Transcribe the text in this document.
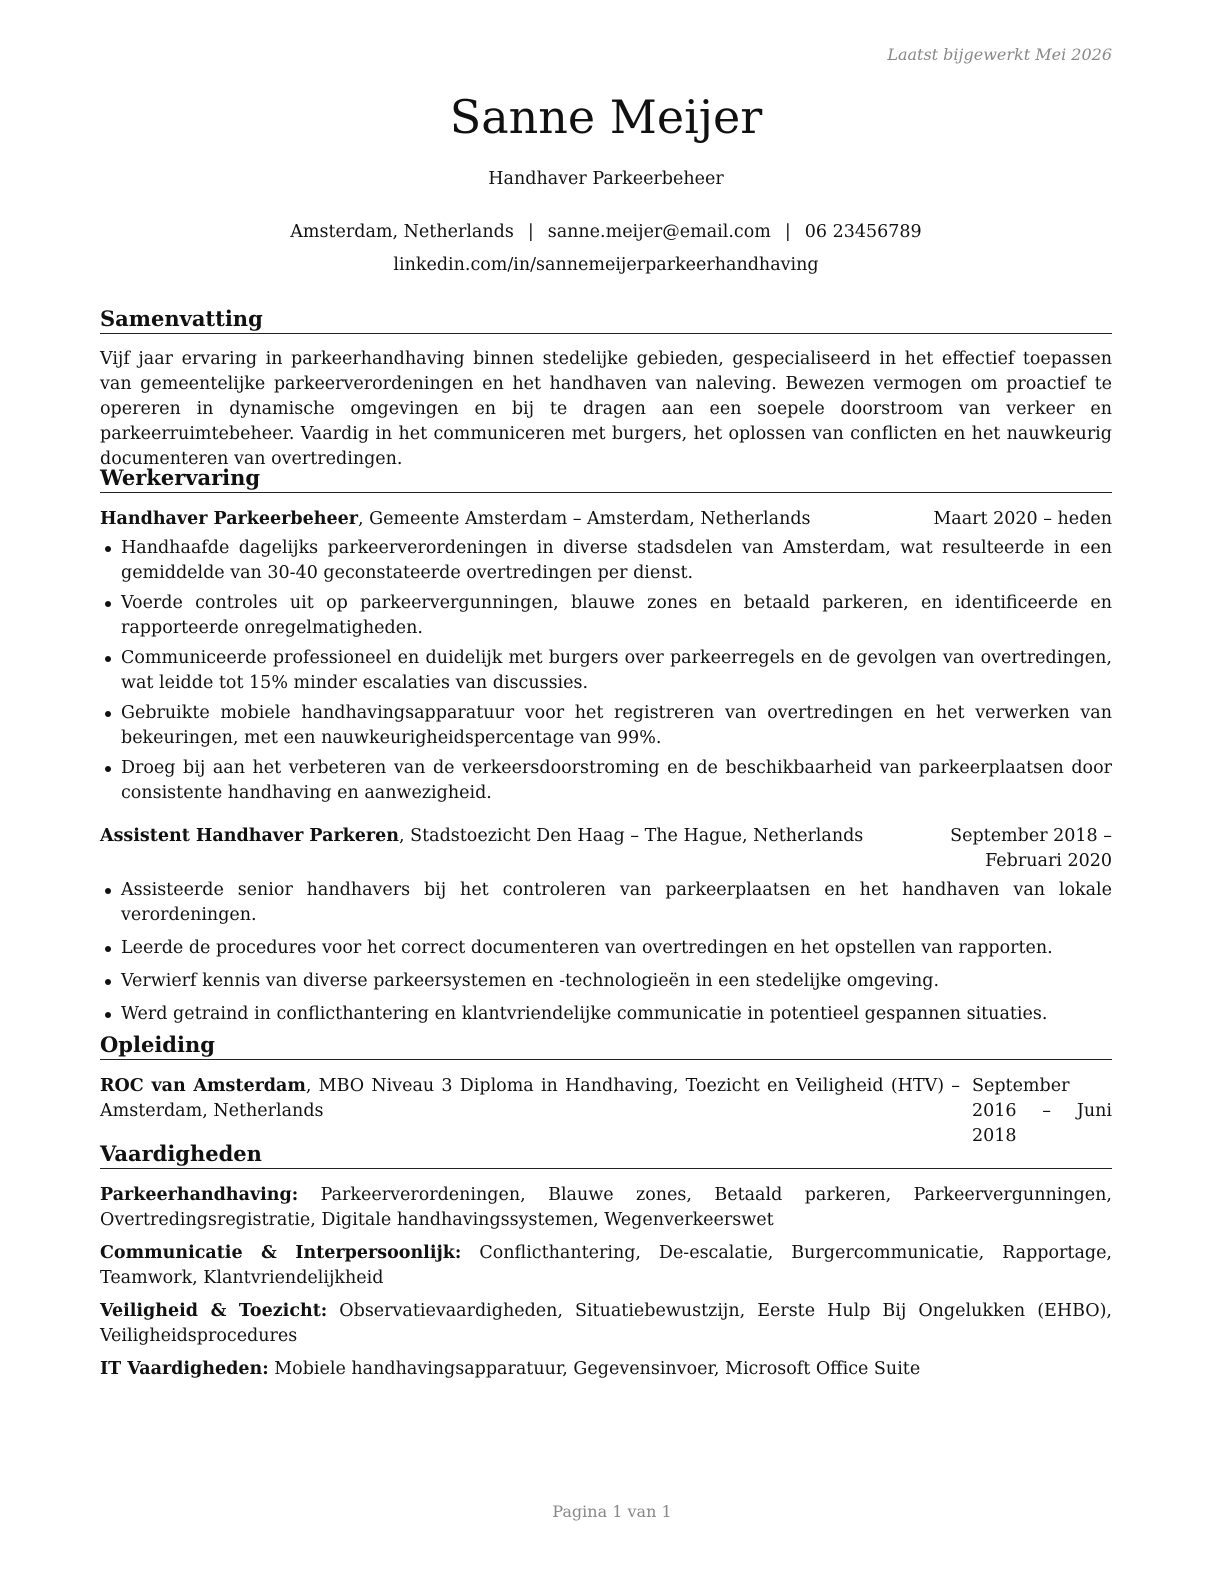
Laatst bijgewerkt Mei 2026
Sanne Meijer
Handhaver Parkeerbeheer
Amsterdam, Netherlands | sanne.meijer@email.com | 06 23456789
linkedin.com/in/sannemeijerparkeerhandhaving
Samenvatting

Vijf jaar ervaring in parkeerhandhaving binnen stedelijke gebieden, gespecialiseerd in het effectief toepassen van gemeentelijke parkeerverordeningen en het handhaven van naleving. Bewezen vermogen om proactief te opereren in dynamische omgevingen en bij te dragen aan een soepele doorstroom van verkeer en parkeerruimtebeheer. Vaardig in het communiceren met burgers, het oplossen van conflicten en het nauwkeurig documenteren van overtredingen.

Werkervaring
Handhaver Parkeerbeheer, Gemeente Amsterdam – Amsterdam, Netherlands	Maart 2020 – heden
Handhaafde dagelijks parkeerverordeningen in diverse stadsdelen van Amsterdam, wat resulteerde in een gemiddelde van 30-40 geconstateerde overtredingen per dienst.
Voerde controles uit op parkeervergunningen, blauwe zones en betaald parkeren, en identificeerde en rapporteerde onregelmatigheden.
Communiceerde professioneel en duidelijk met burgers over parkeerregels en de gevolgen van overtredingen, wat leidde tot 15% minder escalaties van discussies.
Gebruikte mobiele handhavingsapparatuur voor het registreren van overtredingen en het verwerken van bekeuringen, met een nauwkeurigheidspercentage van 99%.
Droeg bij aan het verbeteren van de verkeersdoorstroming en de beschikbaarheid van parkeerplaatsen door consistente handhaving en aanwezigheid.
Assistent Handhaver Parkeren, Stadstoezicht Den Haag – The Hague, Netherlands	September 2018 – Februari 2020
Assisteerde senior handhavers bij het controleren van parkeerplaatsen en het handhaven van lokale verordeningen.
Leerde de procedures voor het correct documenteren van overtredingen en het opstellen van rapporten.
Verwierf kennis van diverse parkeersystemen en -technologieën in een stedelijke omgeving.
Werd getraind in conflicthantering en klantvriendelijke communicatie in potentieel gespannen situaties.
Opleiding
ROC van Amsterdam, MBO Niveau 3 Diploma in Handhaving, Toezicht en Veiligheid (HTV) – Amsterdam, Netherlands
September 2016 – Juni 2018
Vaardigheden

Parkeerhandhaving: Parkeerverordeningen, Blauwe zones, Betaald parkeren, Parkeervergunningen, Overtredingsregistratie, Digitale handhavingssystemen, Wegenverkeerswet

Communicatie & Interpersoonlijk: Conflicthantering, De-escalatie, Burgercommunicatie, Rapportage, Teamwork, Klantvriendelijkheid

Veiligheid & Toezicht: Observatievaardigheden, Situatiebewustzijn, Eerste Hulp Bij Ongelukken (EHBO), Veiligheidsprocedures

IT Vaardigheden: Mobiele handhavingsapparatuur, Gegevensinvoer, Microsoft Office Suite

Pagina 1 van 1
